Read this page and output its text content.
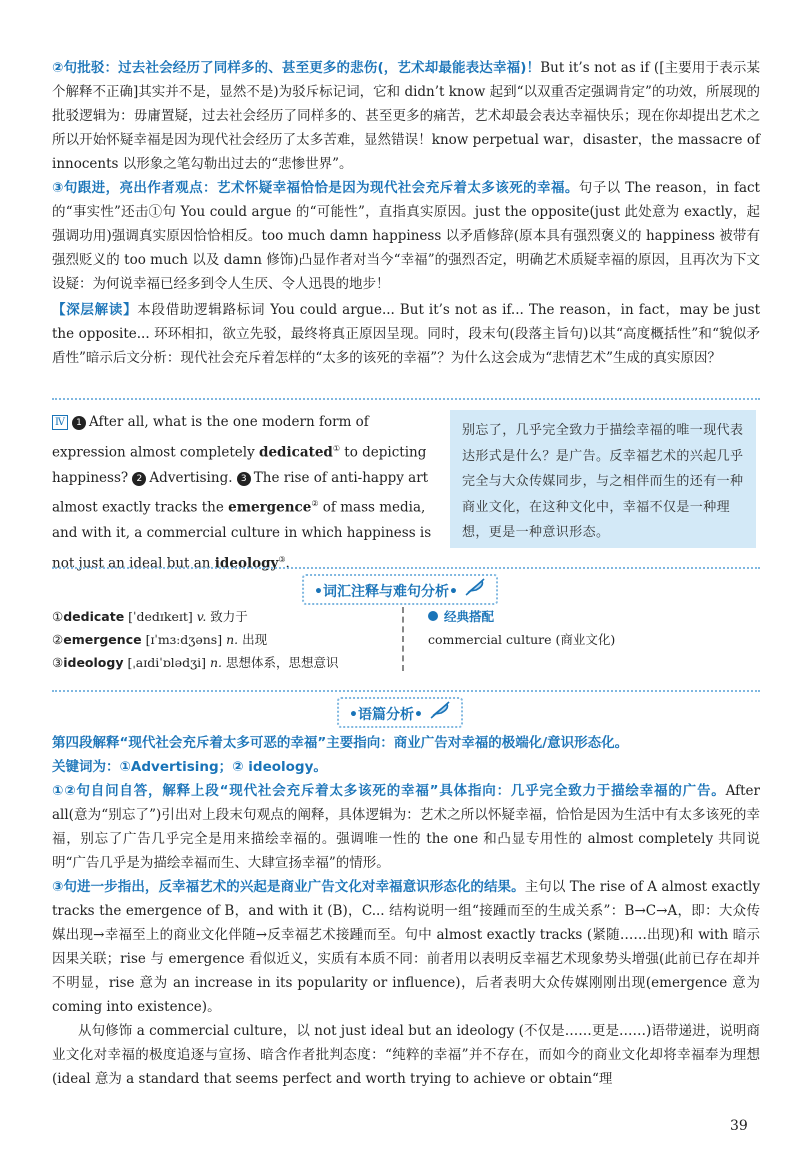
②句批驳：过去社会经历了同样多的、甚至更多的悲伤(，艺术却最能表达幸福)！But it’s not as if ([主要用于表示某个解释不正确]其实并不是，显然不是)为驳斥标记词，它和 didn’t know 起到“以双重否定强调肯定”的功效，所展现的批驳逻辑为：毋庸置疑，过去社会经历了同样多的、甚至更多的痛苦，艺术却最会表达幸福快乐；现在你却提出艺术之所以开始怀疑幸福是因为现代社会经历了太多苦难，显然错误！know perpetual war，disaster，the massacre of innocents 以形象之笔勾勒出过去的“悲惨世界”。

③句跟进，亮出作者观点：艺术怀疑幸福恰恰是因为现代社会充斥着太多该死的幸福。句子以 The reason，in fact 的“事实性”还击①句 You could argue 的“可能性”，直指真实原因。just the opposite(just 此处意为 exactly，起强调功用)强调真实原因恰恰相反。too much damn happiness 以矛盾修辞(原本具有强烈褒义的 happiness 被带有强烈贬义的 too much 以及 damn 修饰)凸显作者对当今“幸福”的强烈否定，明确艺术质疑幸福的原因，且再次为下文设疑：为何说幸福已经多到令人生厌、令人迅畏的地步！

【深层解读】本段借助逻辑路标词 You could argue... But it’s not as if... The reason，in fact，may be just the opposite... 环环相扣，欲立先驳，最终将真正原因呈现。同时，段末句(段落主旨句)以其“高度概括性”和“貌似矛盾性”暗示后文分析：现代社会充斥着怎样的“太多的该死的幸福”？为什么这会成为“悲情艺术”生成的真实原因？

Ⅳ 1 After all, what is the one modern form of expression almost completely dedicated① to depicting happiness? 2 Advertising. 3 The rise of anti-happy art almost exactly tracks the emergence② of mass media, and with it, a commercial culture in which happiness is not just an ideal but an ideology③.
别忘了，几乎完全致力于描绘幸福的唯一现代表达形式是什么？是广告。反幸福艺术的兴起几乎完全与大众传媒同步，与之相伴而生的还有一种商业文化，在这种文化中，幸福不仅是一种理想，更是一种意识形态。
•词汇注释与难句分析•
①dedicate [ˈdedɪkeɪt] v. 致力于
②emergence [ɪˈmɜːdʒəns] n. 出现
③ideology [ˌaɪdiˈɒlədʒi] n. 思想体系，思想意识
经典搭配
commercial culture (商业文化)
•语篇分析•

第四段解释“现代社会充斥着太多可恶的幸福”主要指向：商业广告对幸福的极端化/意识形态化。

关键词为：①Advertising；② ideology。

①②句自问自答，解释上段“现代社会充斥着太多该死的幸福”具体指向：几乎完全致力于描绘幸福的广告。After all(意为“别忘了”)引出对上段末句观点的阐释，具体逻辑为：艺术之所以怀疑幸福，恰恰是因为生活中有太多该死的幸福，别忘了广告几乎完全是用来描绘幸福的。强调唯一性的 the one 和凸显专用性的 almost completely 共同说明“广告几乎是为描绘幸福而生、大肆宣扬幸福”的情形。

③句进一步指出，反幸福艺术的兴起是商业广告文化对幸福意识形态化的结果。主句以 The rise of A almost exactly tracks the emergence of B，and with it (B)，C... 结构说明一组“接踵而至的生成关系”：B→C→A，即：大众传媒出现→幸福至上的商业文化伴随→反幸福艺术接踵而至。句中 almost exactly tracks (紧随……出现)和 with 暗示因果关联；rise 与 emergence 看似近义，实质有本质不同：前者用以表明反幸福艺术现象势头增强(此前已存在却并不明显，rise 意为 an increase in its popularity or influence)，后者表明大众传媒刚刚出现(emergence 意为 coming into existence)。

从句修饰 a commercial culture，以 not just ideal but an ideology (不仅是……更是……)语带递进，说明商业文化对幸福的极度追逐与宣扬、暗含作者批判态度：“纯粹的幸福”并不存在，而如今的商业文化却将幸福奉为理想(ideal 意为 a standard that seems perfect and worth trying to achieve or obtain“理

39
